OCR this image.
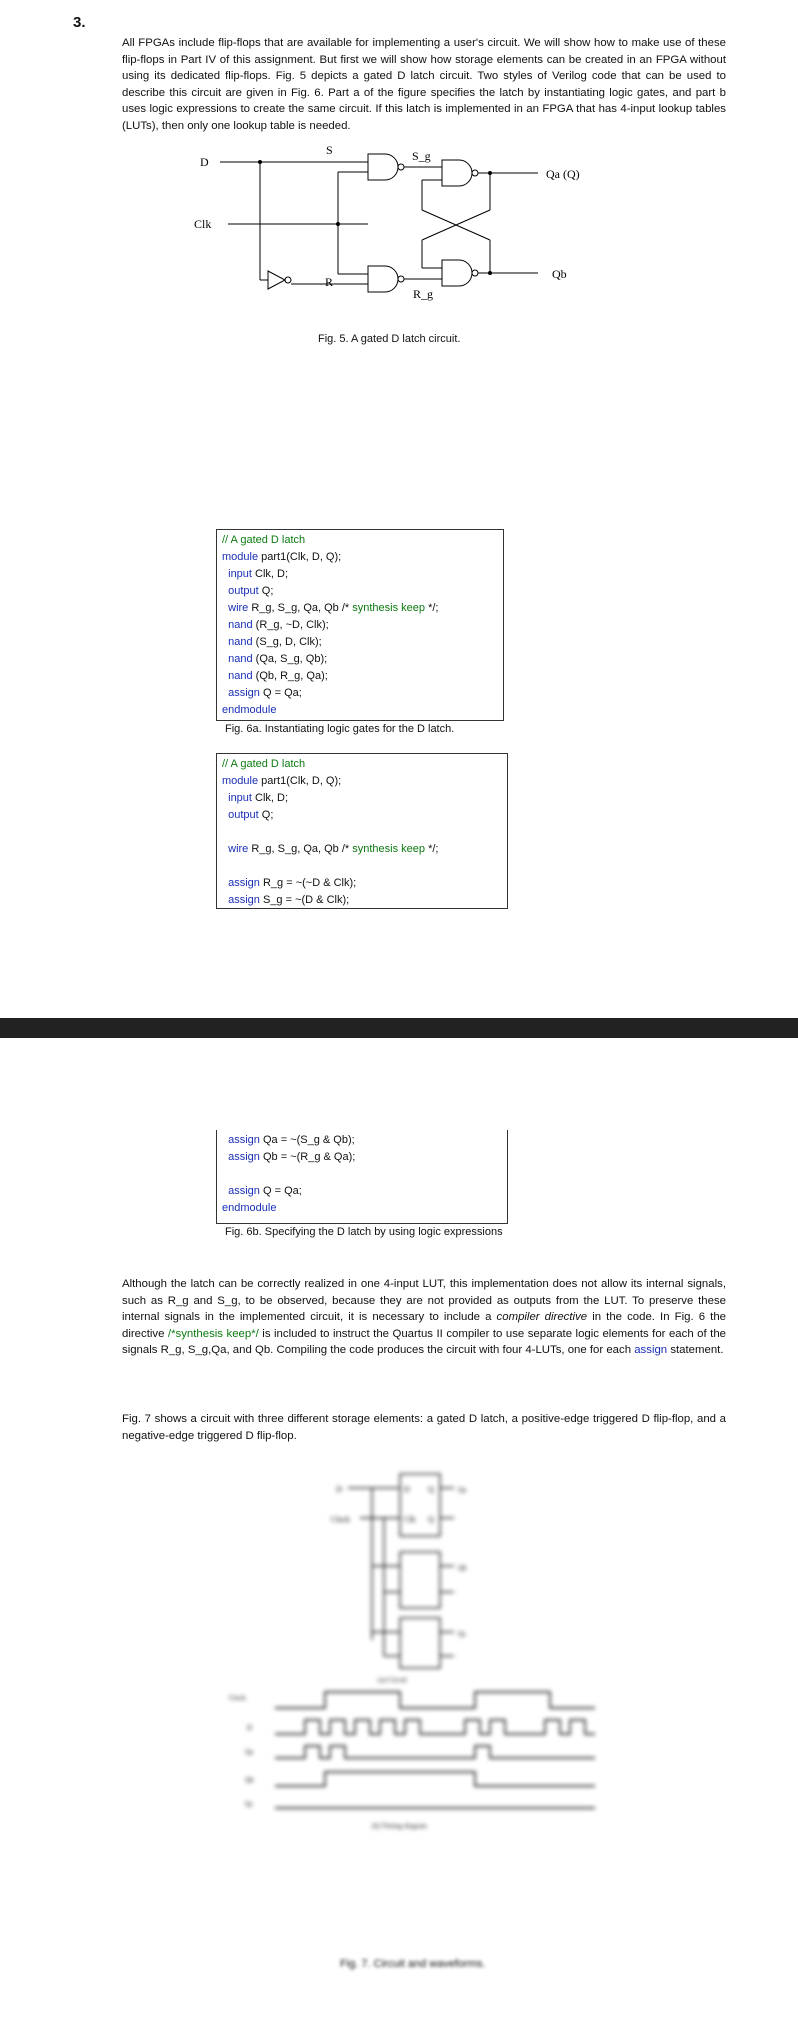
3.
All FPGAs include flip-flops that are available for implementing a user's circuit. We will show how to make use of these flip-flops in Part IV of this assignment. But first we will show how storage elements can be created in an FPGA without using its dedicated flip-flops. Fig. 5 depicts a gated D latch circuit. Two styles of Verilog code that can be used to describe this circuit are given in Fig. 6. Part a of the figure specifies the latch by instantiating logic gates, and part b uses logic expressions to create the same circuit. If this latch is implemented in an FPGA that has 4-input lookup tables (LUTs), then only one lookup table is needed.
D
Clk
S
R
S_g
R_g
Qa (Q)
Qb
Fig. 5. A gated D latch circuit.
// A gated D latch
module part1(Clk, D, Q);
input Clk, D;
output Q;
wire R_g, S_g, Qa, Qb /* synthesis keep */;
nand (R_g, ~D, Clk);
nand (S_g, D, Clk);
nand (Qa, S_g, Qb);
nand (Qb, R_g, Qa);
assign Q = Qa;
endmodule
Fig. 6a. Instantiating logic gates for the D latch.
// A gated D latch
module part1(Clk, D, Q);
input Clk, D;
output Q;

wire R_g, S_g, Qa, Qb /* synthesis keep */;

assign R_g = ~(~D & Clk);
assign S_g = ~(D & Clk);
assign Qa = ~(S_g & Qb);
assign Qb = ~(R_g & Qa);

assign Q = Qa;
endmodule
Fig. 6b. Specifying the D latch by using logic expressions
Although the latch can be correctly realized in one 4-input LUT, this implementation does not allow its internal signals, such as R_g and S_g, to be observed, because they are not provided as outputs from the LUT. To preserve these internal signals in the implemented circuit, it is necessary to include a compiler directive in the code. In Fig. 6 the directive /*synthesis keep*/ is included to instruct the Quartus II compiler to use separate logic elements for each of the signals R_g, S_g,Qa, and Qb. Compiling the code produces the circuit with four 4-LUTs, one for each assign statement.
Fig. 7 shows a circuit with three different storage elements: a gated D latch, a positive-edge triggered D flip-flop, and a negative-edge triggered D flip-flop.
D
Clock
D Q
Clk Q
Qa
Qb
Qc
(a) Circuit
Clock
D
Qa
Qb
Qc
(b) Timing diagram
Fig. 7. Circuit and waveforms.
